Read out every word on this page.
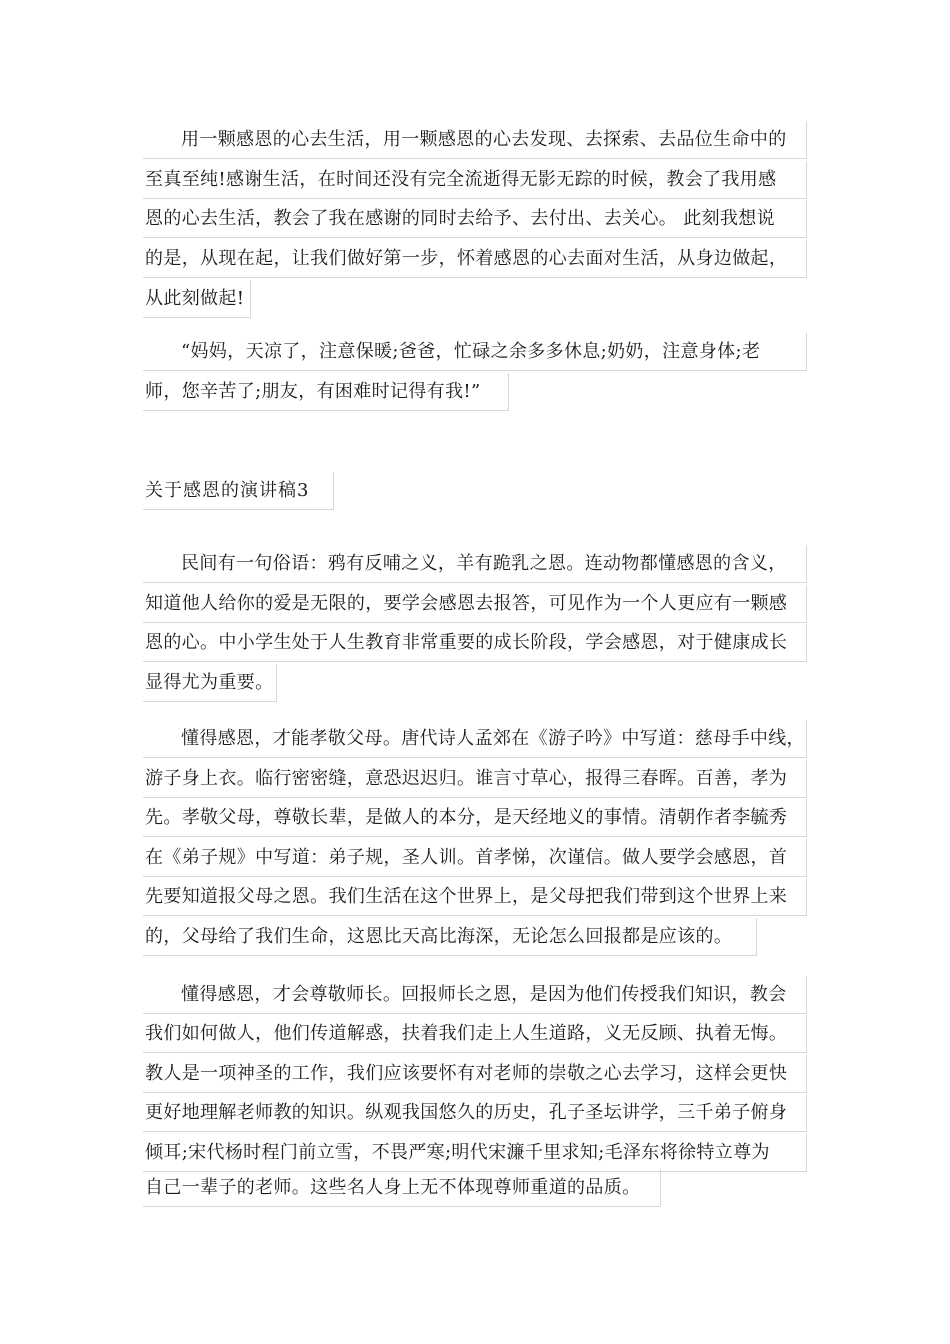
用一颗感恩的心去生活，用一颗感恩的心去发现、去探索、去品位生命中的
至真至纯!感谢生活，在时间还没有完全流逝得无影无踪的时候，教会了我用感
恩的心去生活，教会了我在感谢的同时去给予、去付出、去关心。 此刻我想说
的是，从现在起，让我们做好第一步，怀着感恩的心去面对生活，从身边做起，
从此刻做起!
“妈妈，天凉了，注意保暖;爸爸，忙碌之余多多休息;奶奶，注意身体;老
师，您辛苦了;朋友，有困难时记得有我!”
关于感恩的演讲稿3
民间有一句俗语：鸦有反哺之义，羊有跪乳之恩。连动物都懂感恩的含义，
知道他人给你的爱是无限的，要学会感恩去报答，可见作为一个人更应有一颗感
恩的心。中小学生处于人生教育非常重要的成长阶段，学会感恩，对于健康成长
显得尤为重要。
懂得感恩，才能孝敬父母。唐代诗人孟郊在《游子吟》中写道：慈母手中线，
游子身上衣。临行密密缝，意恐迟迟归。谁言寸草心，报得三春晖。百善，孝为
先。孝敬父母，尊敬长辈，是做人的本分，是天经地义的事情。清朝作者李毓秀
在《弟子规》中写道：弟子规，圣人训。首孝悌，次谨信。做人要学会感恩，首
先要知道报父母之恩。我们生活在这个世界上，是父母把我们带到这个世界上来
的，父母给了我们生命，这恩比天高比海深，无论怎么回报都是应该的。
懂得感恩，才会尊敬师长。回报师长之恩，是因为他们传授我们知识，教会
我们如何做人，他们传道解惑，扶着我们走上人生道路，义无反顾、执着无悔。
教人是一项神圣的工作，我们应该要怀有对老师的崇敬之心去学习，这样会更快
更好地理解老师教的知识。纵观我国悠久的历史，孔子圣坛讲学，三千弟子俯身
倾耳;宋代杨时程门前立雪，不畏严寒;明代宋濂千里求知;毛泽东将徐特立尊为
自己一辈子的老师。这些名人身上无不体现尊师重道的品质。
